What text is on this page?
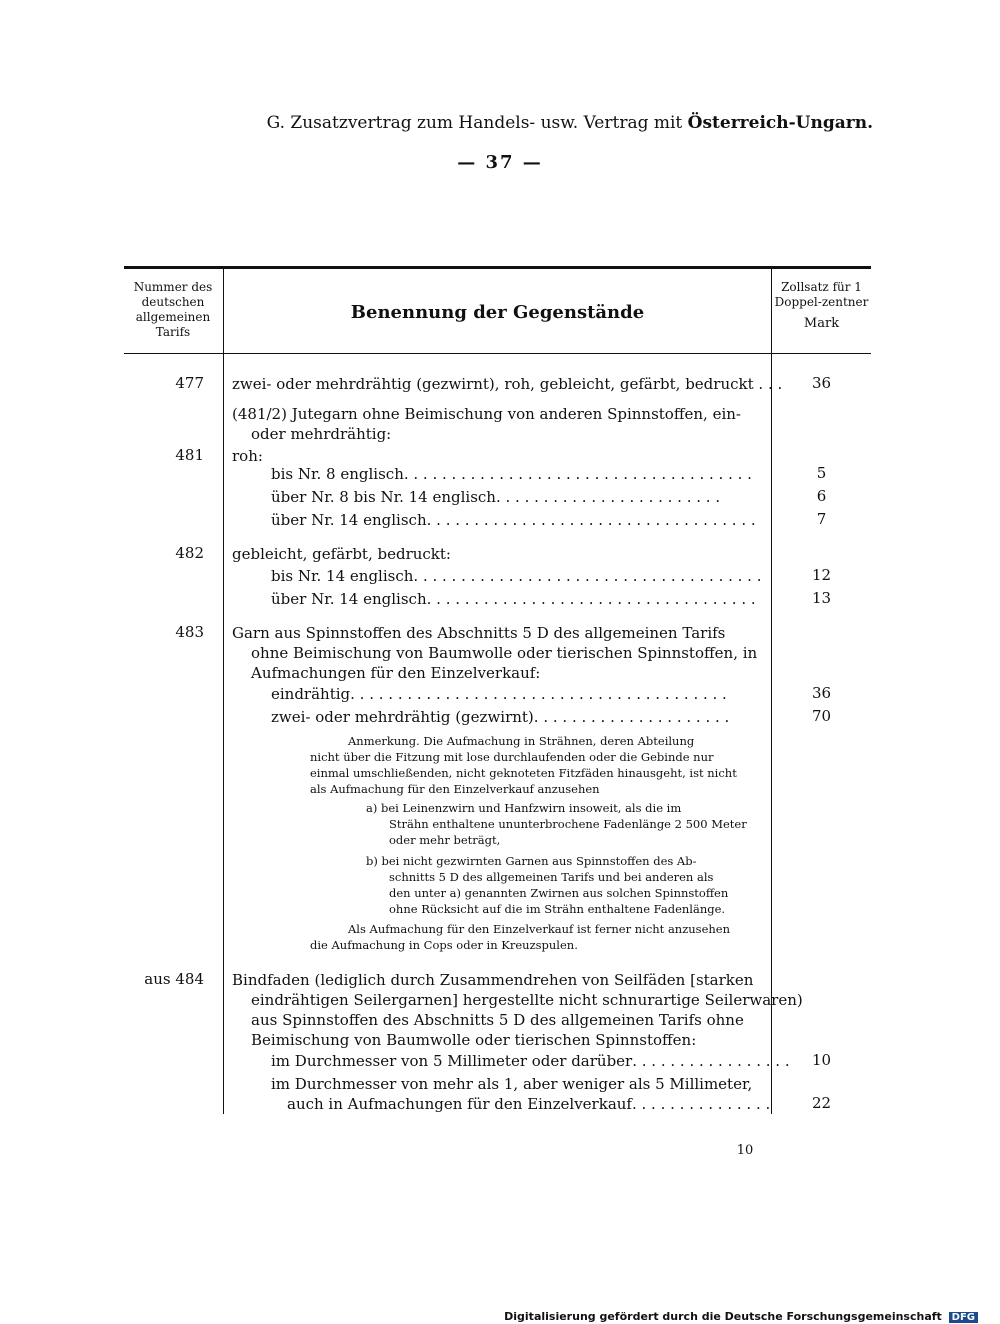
G. Zusatzvertrag zum Handels- usw. Vertrag mit Österreich-Ungarn.
— 37 —
Nummer des deutschen allgemeinen Tarifs
Benennung der Gegenstände
Zollsatz für 1 Doppel-zentner
Mark
477 zwei- oder mehrdrähtig (gezwirnt), roh, gebleicht, gefärbt, bedruckt . . .	36
(481/2) Jutegarn ohne Beimischung von anderen Spinnstoffen, ein-
oder mehrdrähtig:
481 roh:
bis Nr. 8 englisch. . . . . . . . . . . . . . . . . . . . . . . . . . . . . . . . . . . . .	5
über Nr. 8 bis Nr. 14 englisch. . . . . . . . . . . . . . . . . . . . . . . .	6
über Nr. 14 englisch. . . . . . . . . . . . . . . . . . . . . . . . . . . . . . . . . . .	7
482 gebleicht, gefärbt, bedruckt:
bis Nr. 14 englisch. . . . . . . . . . . . . . . . . . . . . . . . . . . . . . . . . . . . .	12
über Nr. 14 englisch. . . . . . . . . . . . . . . . . . . . . . . . . . . . . . . . . . .	13
483 Garn aus Spinnstoffen des Abschnitts 5 D des allgemeinen Tarifs
ohne Beimischung von Baumwolle oder tierischen Spinnstoffen, in
Aufmachungen für den Einzelverkauf:
eindrähtig. . . . . . . . . . . . . . . . . . . . . . . . . . . . . . . . . . . . . . . .	36
zwei- oder mehrdrähtig (gezwirnt). . . . . . . . . . . . . . . . . . . . .	70
Anmerkung. Die Aufmachung in Strähnen, deren Abteilung
nicht über die Fitzung mit lose durchlaufenden oder die Gebinde nur
einmal umschließenden, nicht geknoteten Fitzfäden hinausgeht, ist nicht
als Aufmachung für den Einzelverkauf anzusehen
a) bei Leinenzwirn und Hanfzwirn insoweit, als die im
Strähn enthaltene ununterbrochene Fadenlänge 2 500 Meter
oder mehr beträgt,
b) bei nicht gezwirnten Garnen aus Spinnstoffen des Ab-
schnitts 5 D des allgemeinen Tarifs und bei anderen als
den unter a) genannten Zwirnen aus solchen Spinnstoffen
ohne Rücksicht auf die im Strähn enthaltene Fadenlänge.
Als Aufmachung für den Einzelverkauf ist ferner nicht anzusehen
die Aufmachung in Cops oder in Kreuzspulen.
aus 484 Bindfaden (lediglich durch Zusammendrehen von Seilfäden [starken
eindrähtigen Seilergarnen] hergestellte nicht schnurartige Seilerwaren)
aus Spinnstoffen des Abschnitts 5 D des allgemeinen Tarifs ohne
Beimischung von Baumwolle oder tierischen Spinnstoffen:
im Durchmesser von 5 Millimeter oder darüber. . . . . . . . . . . . . . . . .	10
im Durchmesser von mehr als 1, aber weniger als 5 Millimeter,
auch in Aufmachungen für den Einzelverkauf. . . . . . . . . . . . . . .	22
10
Digitalisierung gefördert durch die Deutsche Forschungsgemeinschaft DFG
